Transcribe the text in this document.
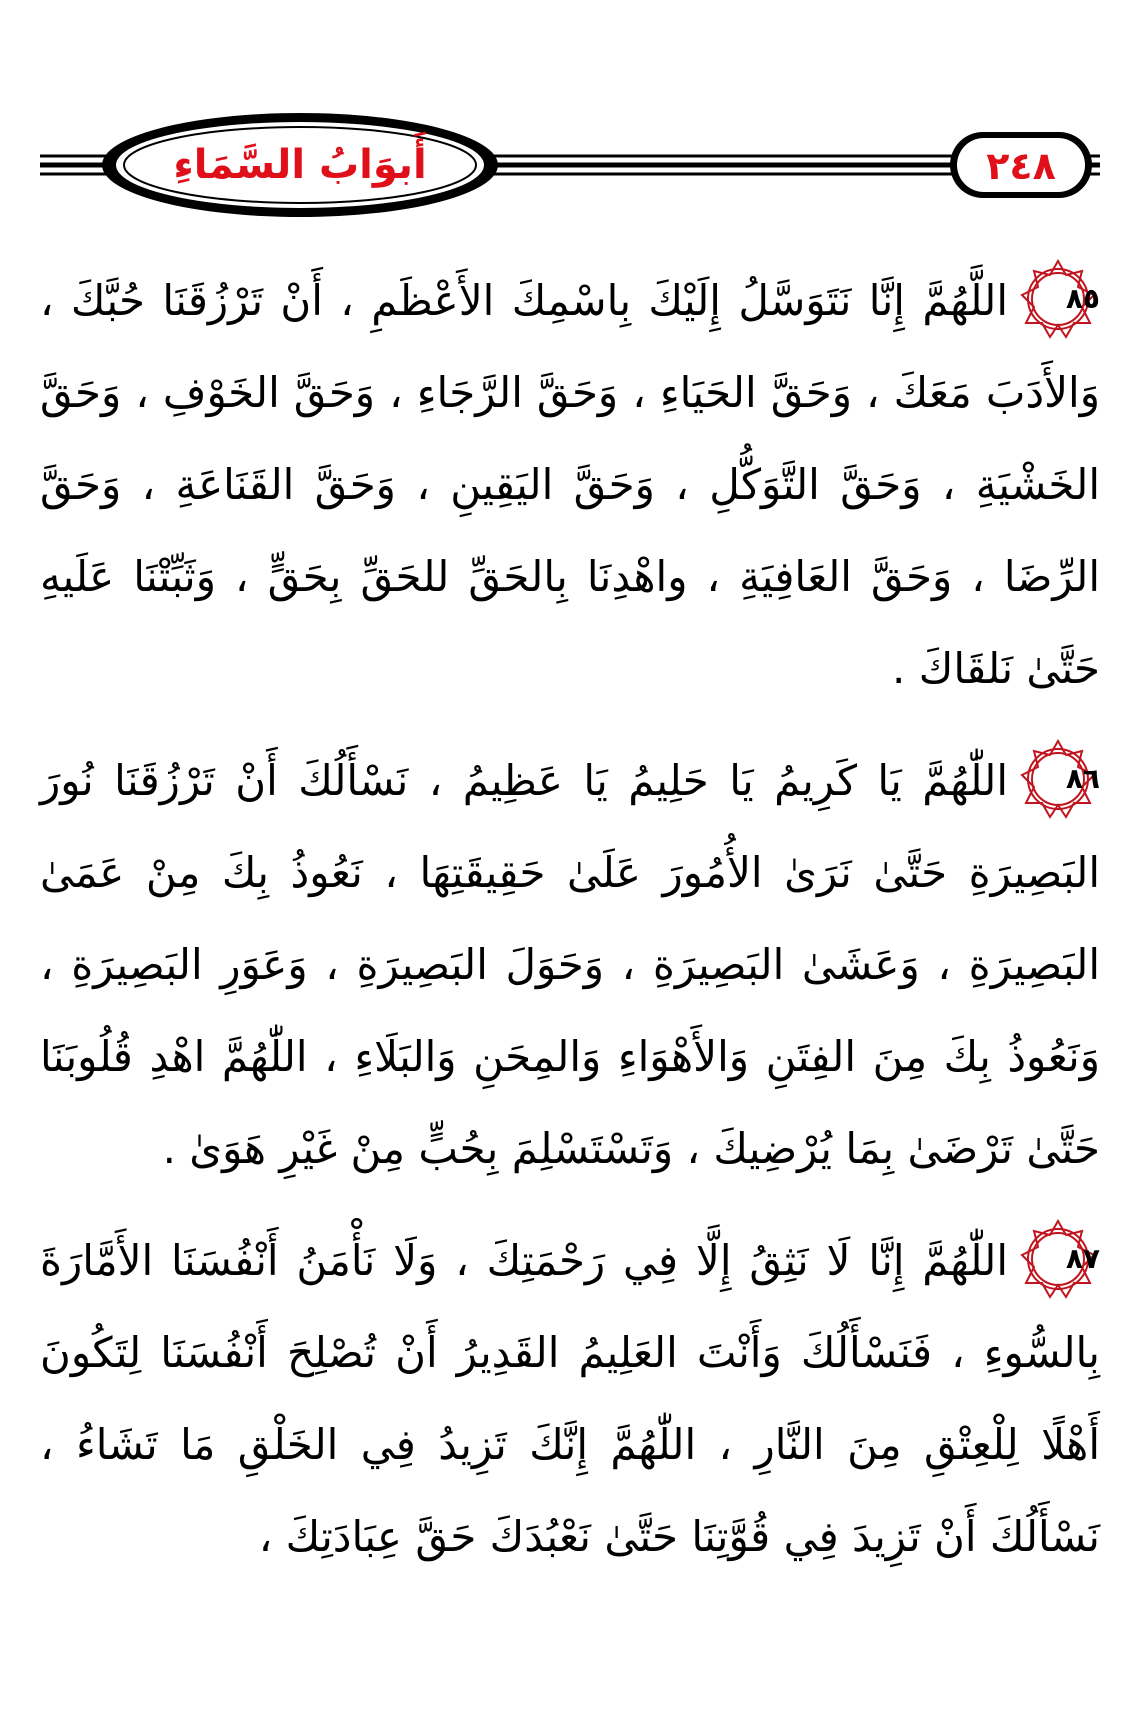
أَبوَابُ السَّمَاءِ	٢٤٨

٨٥
اللَّهُمَّ إِنَّا نَتَوَسَّلُ إِلَيْكَ بِاسْمِكَ الأَعْظَمِ ، أَنْ تَرْزُقَنَا حُبَّكَ ، وَالأَدَبَ مَعَكَ ، وَحَقَّ الحَيَاءِ ، وَحَقَّ الرَّجَاءِ ، وَحَقَّ الخَوْفِ ، وَحَقَّ الخَشْيَةِ ، وَحَقَّ التَّوَكُّلِ ، وَحَقَّ اليَقِينِ ، وَحَقَّ القَنَاعَةِ ، وَحَقَّ الرِّضَا ، وَحَقَّ العَافِيَةِ ، واهْدِنَا بِالحَقِّ للحَقِّ بِحَقٍّ ، وَثَبِّتْنَا عَلَيهِ حَتَّىٰ نَلقَاكَ .

٨٦
اللّٰهُمَّ يَا كَرِيمُ يَا حَلِيمُ يَا عَظِيمُ ، نَسْأَلُكَ أَنْ تَرْزُقَنَا نُورَ البَصِيرَةِ حَتَّىٰ نَرَىٰ الأُمُورَ عَلَىٰ حَقِيقَتِهَا ، نَعُوذُ بِكَ مِنْ عَمَىٰ البَصِيرَةِ ، وَعَشَىٰ البَصِيرَةِ ، وَحَوَلَ البَصِيرَةِ ، وَعَوَرِ البَصِيرَةِ ، وَنَعُوذُ بِكَ مِنَ الفِتَنِ وَالأَهْوَاءِ وَالمِحَنِ وَالبَلَاءِ ، اللّٰهُمَّ اهْدِ قُلُوبَنَا حَتَّىٰ تَرْضَىٰ بِمَا يُرْضِيكَ ، وَتَسْتَسْلِمَ بِحُبٍّ مِنْ غَيْرِ هَوَىٰ .

٨٧
اللّٰهُمَّ إِنَّا لَا نَثِقُ إِلَّا فِي رَحْمَتِكَ ، وَلَا نَأْمَنُ أَنْفُسَنَا الأَمَّارَةَ بِالسُّوءِ ، فَنَسْأَلُكَ وَأَنْتَ العَلِيمُ القَدِيرُ أَنْ تُصْلِحَ أَنْفُسَنَا لِتَكُونَ أَهْلًا لِلْعِتْقِ مِنَ النَّارِ ، اللّٰهُمَّ إِنَّكَ تَزِيدُ فِي الخَلْقِ مَا تَشَاءُ ، نَسْأَلُكَ أَنْ تَزِيدَ فِي قُوَّتِنَا حَتَّىٰ نَعْبُدَكَ حَقَّ عِبَادَتِكَ ،
